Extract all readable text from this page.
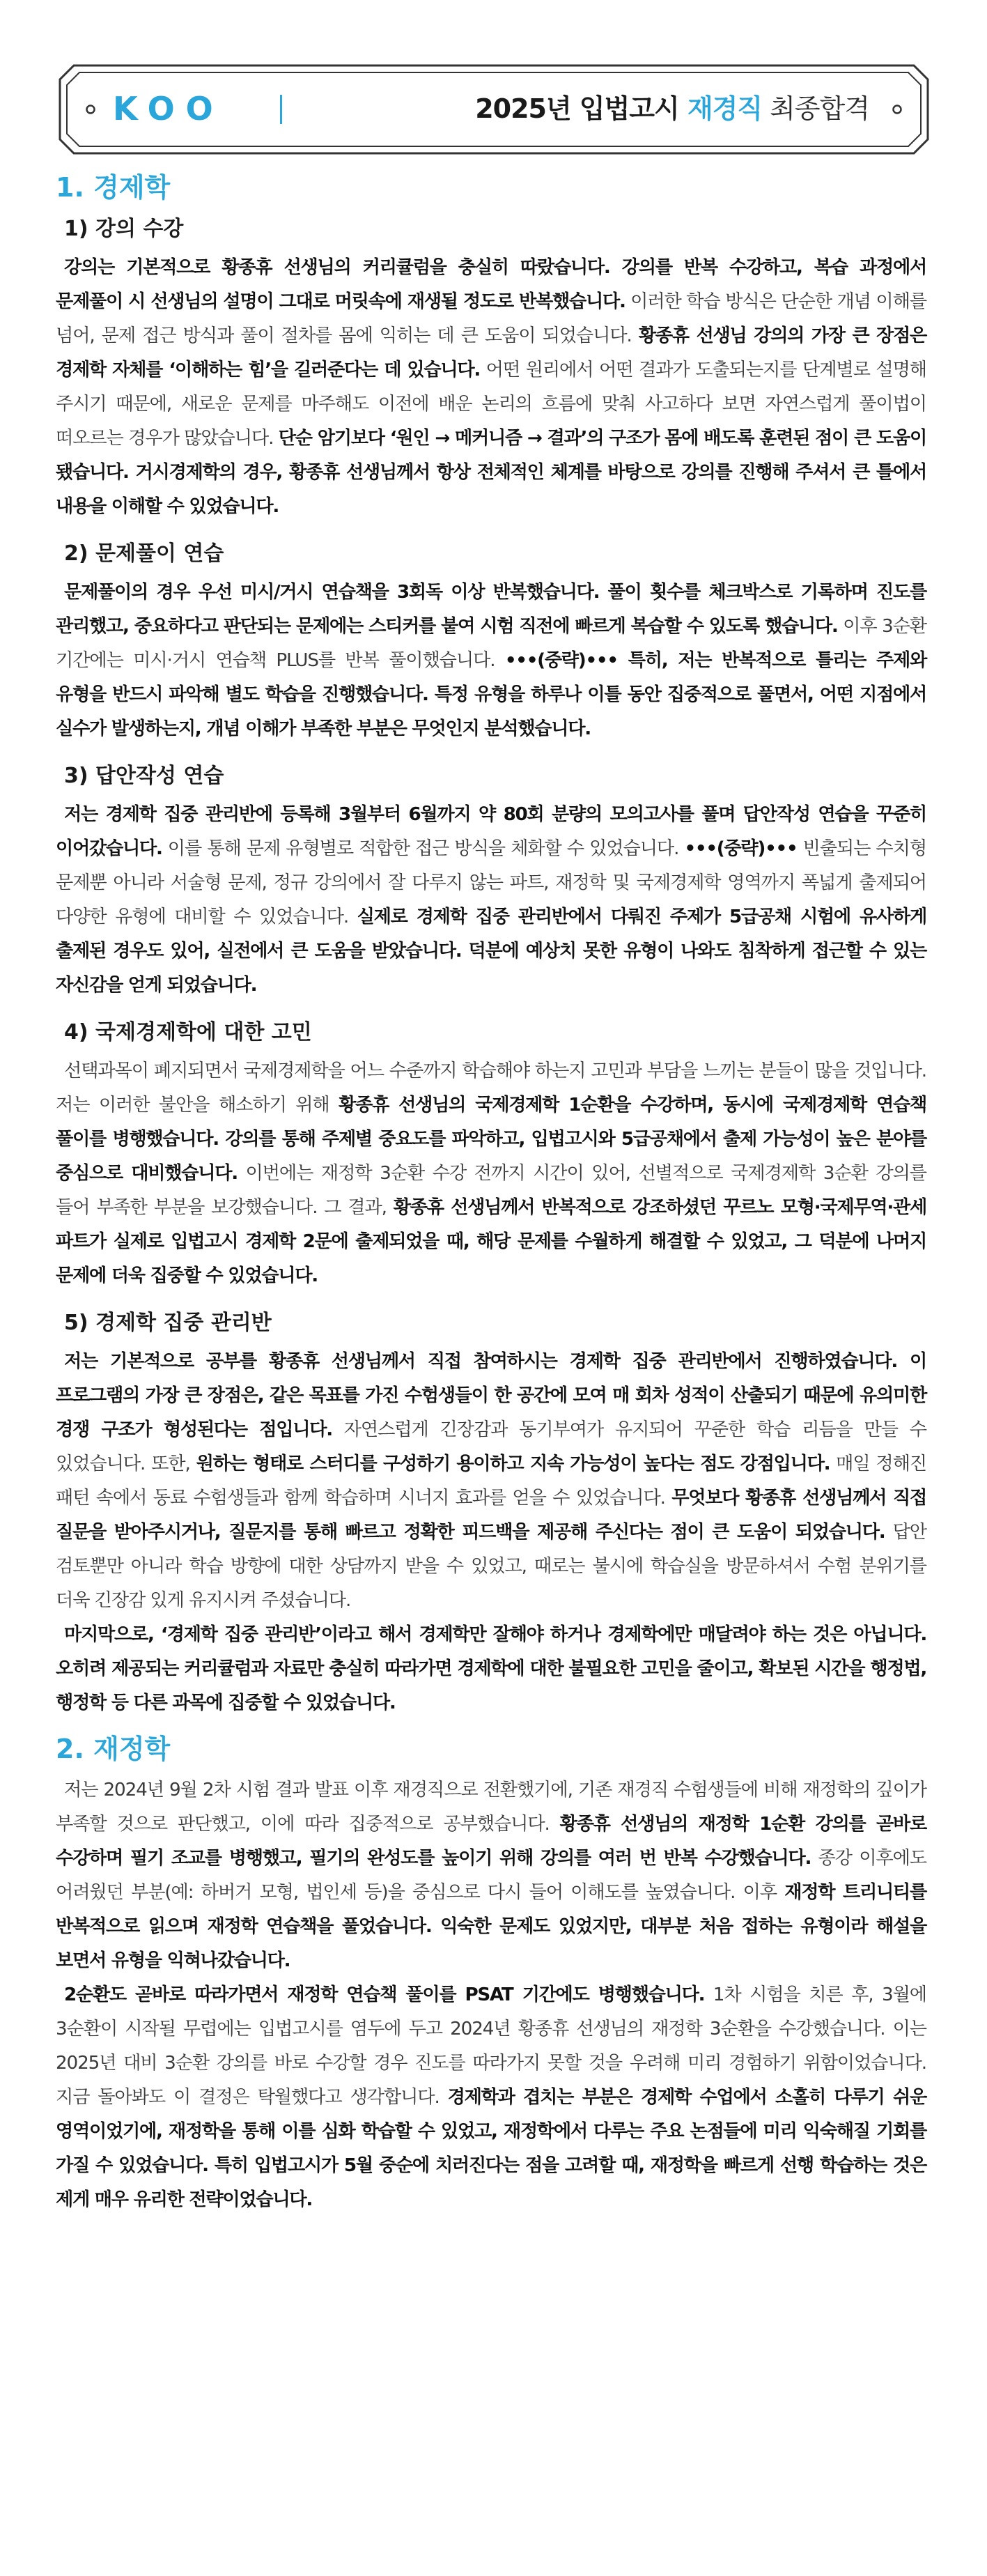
KOO	2025년 입법고시 재경직 최종합격
1. 경제학
1) 강의 수강
강의는 기본적으로 황종휴 선생님의 커리큘럼을 충실히 따랐습니다. 강의를 반복 수강하고, 복습 과정에서 문제풀이 시 선생님의 설명이 그대로 머릿속에 재생될 정도로 반복했습니다. 이러한 학습 방식은 단순한 개념 이해를 넘어, 문제 접근 방식과 풀이 절차를 몸에 익히는 데 큰 도움이 되었습니다. 황종휴 선생님 강의의 가장 큰 장점은 경제학 자체를 ‘이해하는 힘’을 길러준다는 데 있습니다. 어떤 원리에서 어떤 결과가 도출되는지를 단계별로 설명해 주시기 때문에, 새로운 문제를 마주해도 이전에 배운 논리의 흐름에 맞춰 사고하다 보면 자연스럽게 풀이법이 떠오르는 경우가 많았습니다. 단순 암기보다 ‘원인 → 메커니즘 → 결과’의 구조가 몸에 배도록 훈련된 점이 큰 도움이 됐습니다. 거시경제학의 경우, 황종휴 선생님께서 항상 전체적인 체계를 바탕으로 강의를 진행해 주셔서 큰 틀에서 내용을 이해할 수 있었습니다.
2) 문제풀이 연습
문제풀이의 경우 우선 미시/거시 연습책을 3회독 이상 반복했습니다. 풀이 횟수를 체크박스로 기록하며 진도를 관리했고, 중요하다고 판단되는 문제에는 스티커를 붙여 시험 직전에 빠르게 복습할 수 있도록 했습니다. 이후 3순환 기간에는 미시·거시 연습책 PLUS를 반복 풀이했습니다. •••(중략)••• 특히, 저는 반복적으로 틀리는 주제와 유형을 반드시 파악해 별도 학습을 진행했습니다. 특정 유형을 하루나 이틀 동안 집중적으로 풀면서, 어떤 지점에서 실수가 발생하는지, 개념 이해가 부족한 부분은 무엇인지 분석했습니다.
3) 답안작성 연습
저는 경제학 집중 관리반에 등록해 3월부터 6월까지 약 80회 분량의 모의고사를 풀며 답안작성 연습을 꾸준히 이어갔습니다. 이를 통해 문제 유형별로 적합한 접근 방식을 체화할 수 있었습니다. •••(중략)••• 빈출되는 수치형 문제뿐 아니라 서술형 문제, 정규 강의에서 잘 다루지 않는 파트, 재정학 및 국제경제학 영역까지 폭넓게 출제되어 다양한 유형에 대비할 수 있었습니다. 실제로 경제학 집중 관리반에서 다뤄진 주제가 5급공채 시험에 유사하게 출제된 경우도 있어, 실전에서 큰 도움을 받았습니다. 덕분에 예상치 못한 유형이 나와도 침착하게 접근할 수 있는 자신감을 얻게 되었습니다.
4) 국제경제학에 대한 고민
선택과목이 폐지되면서 국제경제학을 어느 수준까지 학습해야 하는지 고민과 부담을 느끼는 분들이 많을 것입니다. 저는 이러한 불안을 해소하기 위해 황종휴 선생님의 국제경제학 1순환을 수강하며, 동시에 국제경제학 연습책 풀이를 병행했습니다. 강의를 통해 주제별 중요도를 파악하고, 입법고시와 5급공채에서 출제 가능성이 높은 분야를 중심으로 대비했습니다. 이번에는 재정학 3순환 수강 전까지 시간이 있어, 선별적으로 국제경제학 3순환 강의를 들어 부족한 부분을 보강했습니다. 그 결과, 황종휴 선생님께서 반복적으로 강조하셨던 꾸르노 모형·국제무역·관세 파트가 실제로 입법고시 경제학 2문에 출제되었을 때, 해당 문제를 수월하게 해결할 수 있었고, 그 덕분에 나머지 문제에 더욱 집중할 수 있었습니다.
5) 경제학 집중 관리반
저는 기본적으로 공부를 황종휴 선생님께서 직접 참여하시는 경제학 집중 관리반에서 진행하였습니다. 이 프로그램의 가장 큰 장점은, 같은 목표를 가진 수험생들이 한 공간에 모여 매 회차 성적이 산출되기 때문에 유의미한 경쟁 구조가 형성된다는 점입니다. 자연스럽게 긴장감과 동기부여가 유지되어 꾸준한 학습 리듬을 만들 수 있었습니다. 또한, 원하는 형태로 스터디를 구성하기 용이하고 지속 가능성이 높다는 점도 강점입니다. 매일 정해진 패턴 속에서 동료 수험생들과 함께 학습하며 시너지 효과를 얻을 수 있었습니다. 무엇보다 황종휴 선생님께서 직접 질문을 받아주시거나, 질문지를 통해 빠르고 정확한 피드백을 제공해 주신다는 점이 큰 도움이 되었습니다. 답안 검토뿐만 아니라 학습 방향에 대한 상담까지 받을 수 있었고, 때로는 불시에 학습실을 방문하셔서 수험 분위기를 더욱 긴장감 있게 유지시켜 주셨습니다.
마지막으로, ‘경제학 집중 관리반’이라고 해서 경제학만 잘해야 하거나 경제학에만 매달려야 하는 것은 아닙니다. 오히려 제공되는 커리큘럼과 자료만 충실히 따라가면 경제학에 대한 불필요한 고민을 줄이고, 확보된 시간을 행정법, 행정학 등 다른 과목에 집중할 수 있었습니다.
2. 재정학
저는 2024년 9월 2차 시험 결과 발표 이후 재경직으로 전환했기에, 기존 재경직 수험생들에 비해 재정학의 깊이가 부족할 것으로 판단했고, 이에 따라 집중적으로 공부했습니다. 황종휴 선생님의 재정학 1순환 강의를 곧바로 수강하며 필기 조교를 병행했고, 필기의 완성도를 높이기 위해 강의를 여러 번 반복 수강했습니다. 종강 이후에도 어려웠던 부분(예: 하버거 모형, 법인세 등)을 중심으로 다시 들어 이해도를 높였습니다. 이후 재정학 트리니티를 반복적으로 읽으며 재정학 연습책을 풀었습니다. 익숙한 문제도 있었지만, 대부분 처음 접하는 유형이라 해설을 보면서 유형을 익혀나갔습니다.
2순환도 곧바로 따라가면서 재정학 연습책 풀이를 PSAT 기간에도 병행했습니다. 1차 시험을 치른 후, 3월에 3순환이 시작될 무렵에는 입법고시를 염두에 두고 2024년 황종휴 선생님의 재정학 3순환을 수강했습니다. 이는 2025년 대비 3순환 강의를 바로 수강할 경우 진도를 따라가지 못할 것을 우려해 미리 경험하기 위함이었습니다. 지금 돌아봐도 이 결정은 탁월했다고 생각합니다. 경제학과 겹치는 부분은 경제학 수업에서 소홀히 다루기 쉬운 영역이었기에, 재정학을 통해 이를 심화 학습할 수 있었고, 재정학에서 다루는 주요 논점들에 미리 익숙해질 기회를 가질 수 있었습니다. 특히 입법고시가 5월 중순에 치러진다는 점을 고려할 때, 재정학을 빠르게 선행 학습하는 것은 제게 매우 유리한 전략이었습니다.
